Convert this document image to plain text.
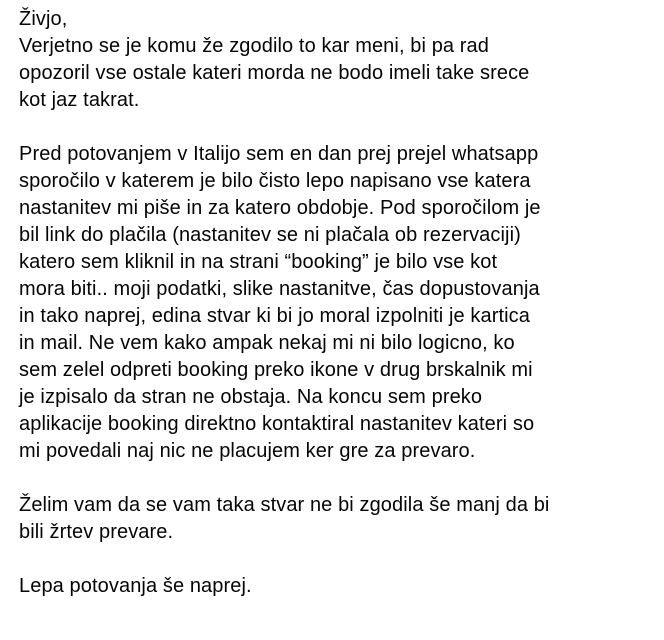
Živjo,
Verjetno se je komu že zgodilo to kar meni, bi pa rad
opozoril vse ostale kateri morda ne bodo imeli take srece
kot jaz takrat.
Pred potovanjem v Italijo sem en dan prej prejel whatsapp
sporočilo v katerem je bilo čisto lepo napisano vse katera
nastanitev mi piše in za katero obdobje. Pod sporočilom je
bil link do plačila (nastanitev se ni plačala ob rezervaciji)
katero sem kliknil in na strani “booking” je bilo vse kot
mora biti.. moji podatki, slike nastanitve, čas dopustovanja
in tako naprej, edina stvar ki bi jo moral izpolniti je kartica
in mail. Ne vem kako ampak nekaj mi ni bilo logicno, ko
sem zelel odpreti booking preko ikone v drug brskalnik mi
je izpisalo da stran ne obstaja. Na koncu sem preko
aplikacije booking direktno kontaktiral nastanitev kateri so
mi povedali naj nic ne placujem ker gre za prevaro.
Želim vam da se vam taka stvar ne bi zgodila še manj da bi
bili žrtev prevare.
Lepa potovanja še naprej.
